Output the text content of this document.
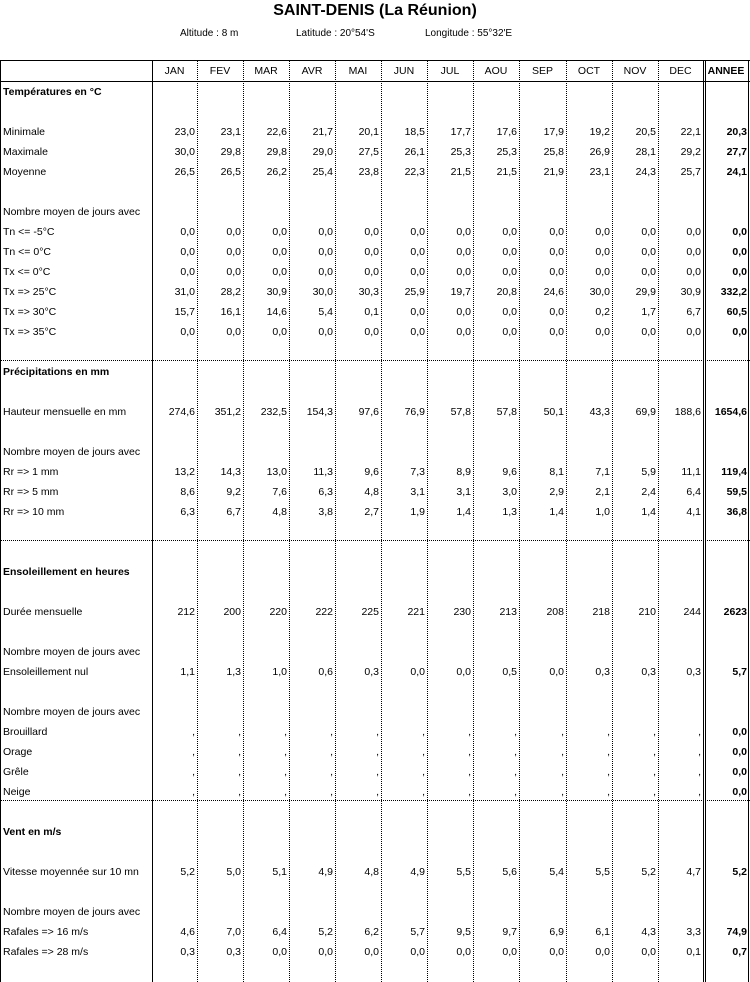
SAINT-DENIS (La Réunion)
Altitude : 8 m	Latitude : 20°54'S	Longitude : 55°32'E
JAN	FEV	MAR	AVR	MAI	JUN	JUL	AOU	SEP	OCT	NOV	DEC	ANNEE
Températures en °C
Minimale	23,0	23,1	22,6	21,7	20,1	18,5	17,7	17,6	17,9	19,2	20,5	22,1	20,3
Maximale	30,0	29,8	29,8	29,0	27,5	26,1	25,3	25,3	25,8	26,9	28,1	29,2	27,7
Moyenne	26,5	26,5	26,2	25,4	23,8	22,3	21,5	21,5	21,9	23,1	24,3	25,7	24,1
Nombre moyen de jours avec
Tn <= -5°C	0,0	0,0	0,0	0,0	0,0	0,0	0,0	0,0	0,0	0,0	0,0	0,0	0,0
Tn <= 0°C	0,0	0,0	0,0	0,0	0,0	0,0	0,0	0,0	0,0	0,0	0,0	0,0	0,0
Tx <= 0°C	0,0	0,0	0,0	0,0	0,0	0,0	0,0	0,0	0,0	0,0	0,0	0,0	0,0
Tx => 25°C	31,0	28,2	30,9	30,0	30,3	25,9	19,7	20,8	24,6	30,0	29,9	30,9	332,2
Tx => 30°C	15,7	16,1	14,6	5,4	0,1	0,0	0,0	0,0	0,0	0,2	1,7	6,7	60,5
Tx => 35°C	0,0	0,0	0,0	0,0	0,0	0,0	0,0	0,0	0,0	0,0	0,0	0,0	0,0
Précipitations en mm
Hauteur mensuelle en mm	274,6	351,2	232,5	154,3	97,6	76,9	57,8	57,8	50,1	43,3	69,9	188,6	1654,6
Nombre moyen de jours avec
Rr => 1 mm	13,2	14,3	13,0	11,3	9,6	7,3	8,9	9,6	8,1	7,1	5,9	11,1	119,4
Rr => 5 mm	8,6	9,2	7,6	6,3	4,8	3,1	3,1	3,0	2,9	2,1	2,4	6,4	59,5
Rr => 10 mm	6,3	6,7	4,8	3,8	2,7	1,9	1,4	1,3	1,4	1,0	1,4	4,1	36,8
Ensoleillement en heures
Durée mensuelle	212	200	220	222	225	221	230	213	208	218	210	244	2623
Nombre moyen de jours avec
Ensoleillement nul	1,1	1,3	1,0	0,6	0,3	0,0	0,0	0,5	0,0	0,3	0,3	0,3	5,7
Nombre moyen de jours avec
Brouillard	,	,	,	,	,	,	,	,	,	,	,	,	0,0
Orage	,	,	,	,	,	,	,	,	,	,	,	,	0,0
Grêle	,	,	,	,	,	,	,	,	,	,	,	,	0,0
Neige	,	,	,	,	,	,	,	,	,	,	,	,	0,0
Vent en m/s
Vitesse moyennée sur 10 mn	5,2	5,0	5,1	4,9	4,8	4,9	5,5	5,6	5,4	5,5	5,2	4,7	5,2
Nombre moyen de jours avec
Rafales => 16 m/s	4,6	7,0	6,4	5,2	6,2	5,7	9,5	9,7	6,9	6,1	4,3	3,3	74,9
Rafales => 28 m/s	0,3	0,3	0,0	0,0	0,0	0,0	0,0	0,0	0,0	0,0	0,0	0,1	0,7
